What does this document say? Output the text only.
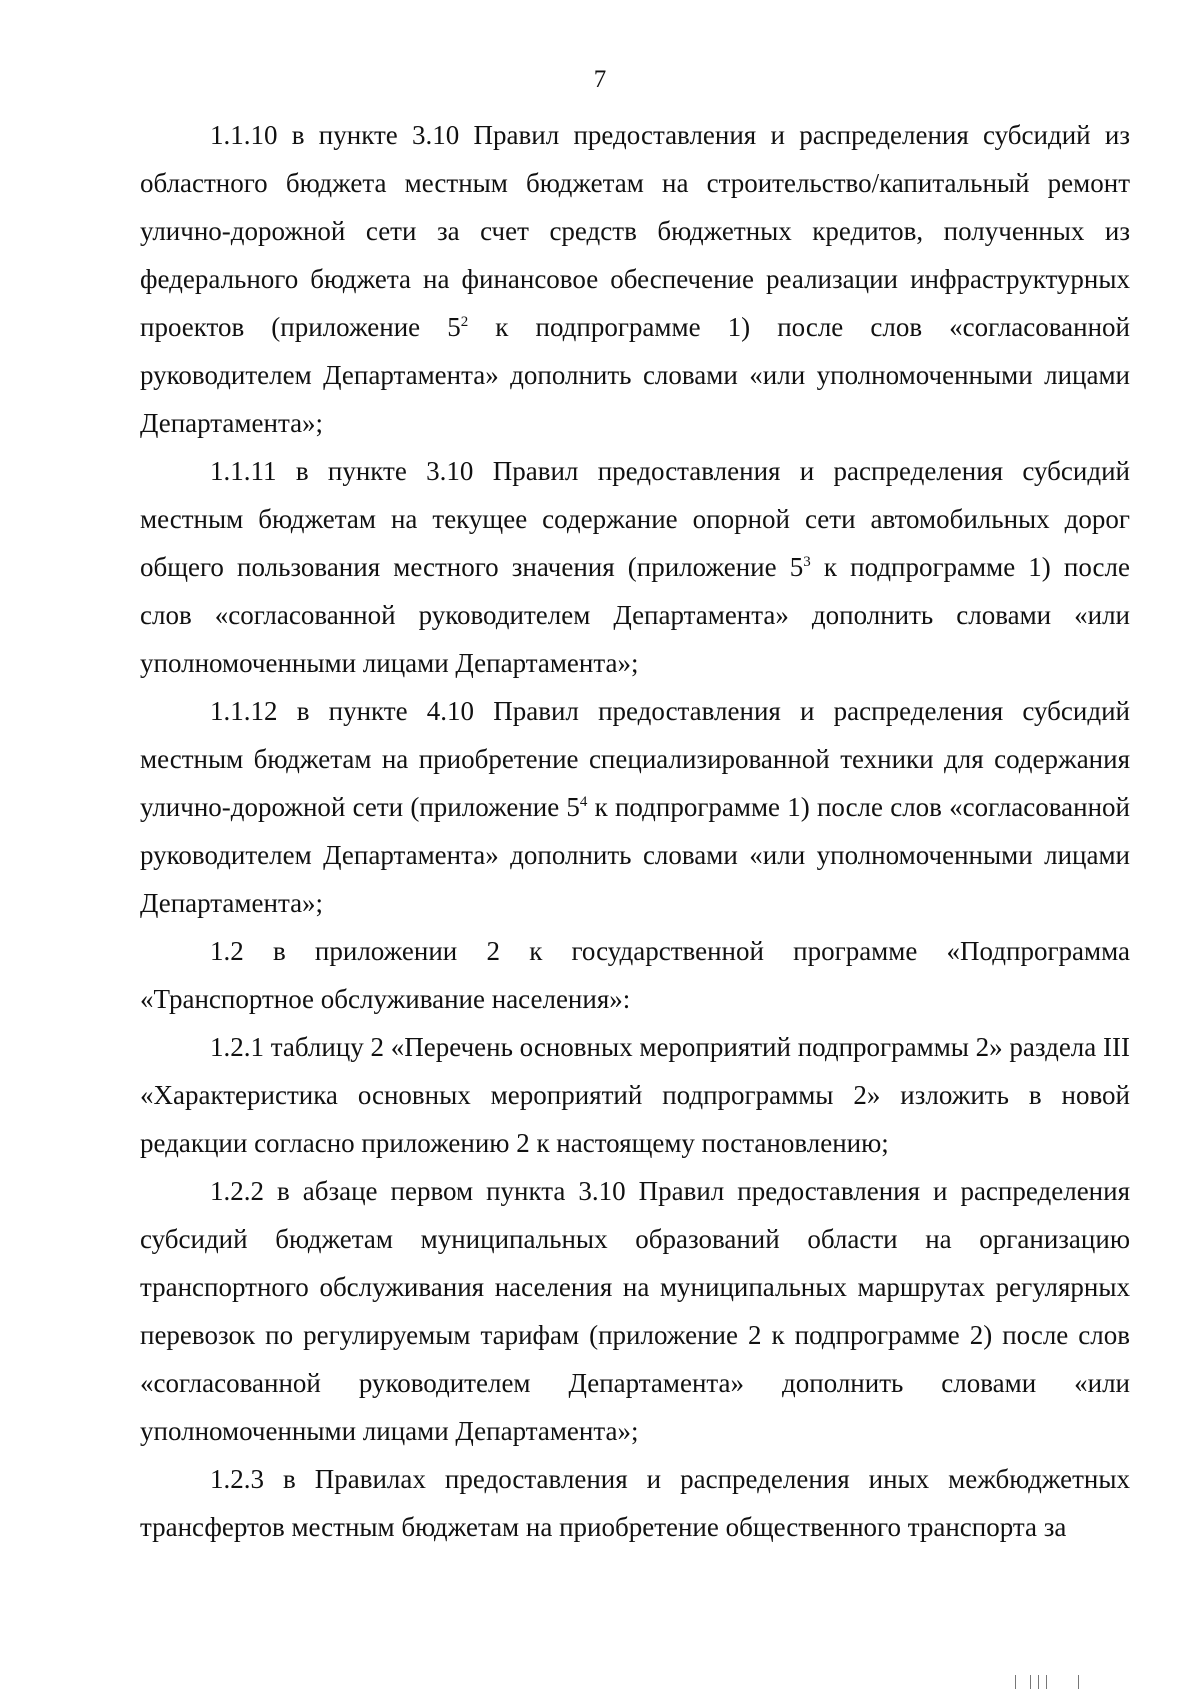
7

1.1.10 в пункте 3.10 Правил предоставления и распределения субсидий из областного бюджета местным бюджетам на строительство/капитальный ремонт улично-дорожной сети за счет средств бюджетных кредитов, полученных из федерального бюджета на финансовое обеспечение реализации инфраструктурных проектов (приложение $5^2$ к подпрограмме 1) после слов «согласованной руководителем Департамента» дополнить словами «или уполномоченными лицами Департамента»;

1.1.11 в пункте 3.10 Правил предоставления и распределения субсидий местным бюджетам на текущее содержание опорной сети автомобильных дорог общего пользования местного значения (приложение $5^3$ к подпрограмме 1) после слов «согласованной руководителем Департамента» дополнить словами «или уполномоченными лицами Департамента»;

1.1.12 в пункте 4.10 Правил предоставления и распределения субсидий местным бюджетам на приобретение специализированной техники для содержания улично-дорожной сети (приложение $5^4$ к подпрограмме 1) после слов «согласованной руководителем Департамента» дополнить словами «или уполномоченными лицами Департамента»;

1.2 в приложении 2 к государственной программе «Подпрограмма «Транспортное обслуживание населения»:

1.2.1 таблицу 2 «Перечень основных мероприятий подпрограммы 2» раздела III «Характеристика основных мероприятий подпрограммы 2» изложить в новой редакции согласно приложению 2 к настоящему постановлению;

1.2.2 в абзаце первом пункта 3.10 Правил предоставления и распределения субсидий бюджетам муниципальных образований области на организацию транспортного обслуживания населения на муниципальных маршрутах регулярных перевозок по регулируемым тарифам (приложение 2 к подпрограмме 2) после слов «согласованной руководителем Департамента» дополнить словами «или уполномоченными лицами Департамента»;

1.2.3 в Правилах предоставления и распределения иных межбюджетных трансфертов местным бюджетам на приобретение общественного транспорта за
